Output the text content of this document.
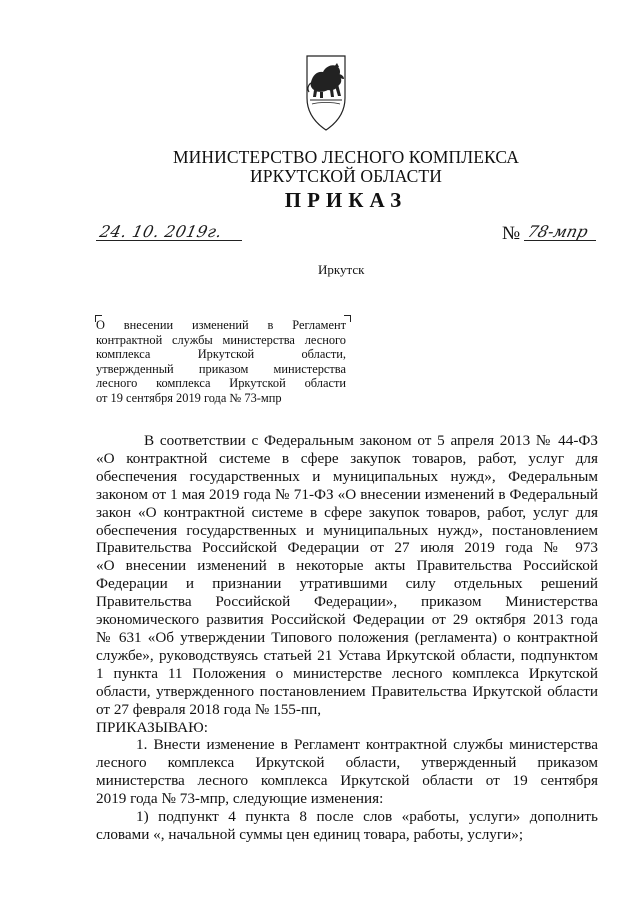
МИНИСТЕРСТВО ЛЕСНОГО КОМПЛЕКСА
ИРКУТСКОЙ ОБЛАСТИ
ПРИКАЗ
24. 10. 2019г.	№ 78-мпр
Иркутск
О внесении изменений в Регламент
контрактной службы министерства лесного
комплекса Иркутской области,
утвержденный приказом министерства
лесного комплекса Иркутской области
от 19 сентября 2019 года № 73-мпр
В соответствии с Федеральным законом от 5 апреля 2013 № 44-ФЗ
«О контрактной системе в сфере закупок товаров, работ, услуг для
обеспечения государственных и муниципальных нужд», Федеральным
законом от 1 мая 2019 года № 71-ФЗ «О внесении изменений в Федеральный
закон «О контрактной системе в сфере закупок товаров, работ, услуг для
обеспечения государственных и муниципальных нужд», постановлением
Правительства Российской Федерации от 27 июля 2019 года № 973
«О внесении изменений в некоторые акты Правительства Российской
Федерации и признании утратившими силу отдельных решений
Правительства Российской Федерации», приказом Министерства
экономического развития Российской Федерации от 29 октября 2013 года
№ 631 «Об утверждении Типового положения (регламента) о контрактной
службе», руководствуясь статьей 21 Устава Иркутской области, подпунктом
1 пункта 11 Положения о министерстве лесного комплекса Иркутской
области, утвержденного постановлением Правительства Иркутской области
от 27 февраля 2018 года № 155-пп,
ПРИКАЗЫВАЮ:
1. Внести изменение в Регламент контрактной службы министерства
лесного комплекса Иркутской области, утвержденный приказом
министерства лесного комплекса Иркутской области от 19 сентября
2019 года № 73-мпр, следующие изменения:
1) подпункт 4 пункта 8 после слов «работы, услуги» дополнить
словами «, начальной суммы цен единиц товара, работы, услуги»;
